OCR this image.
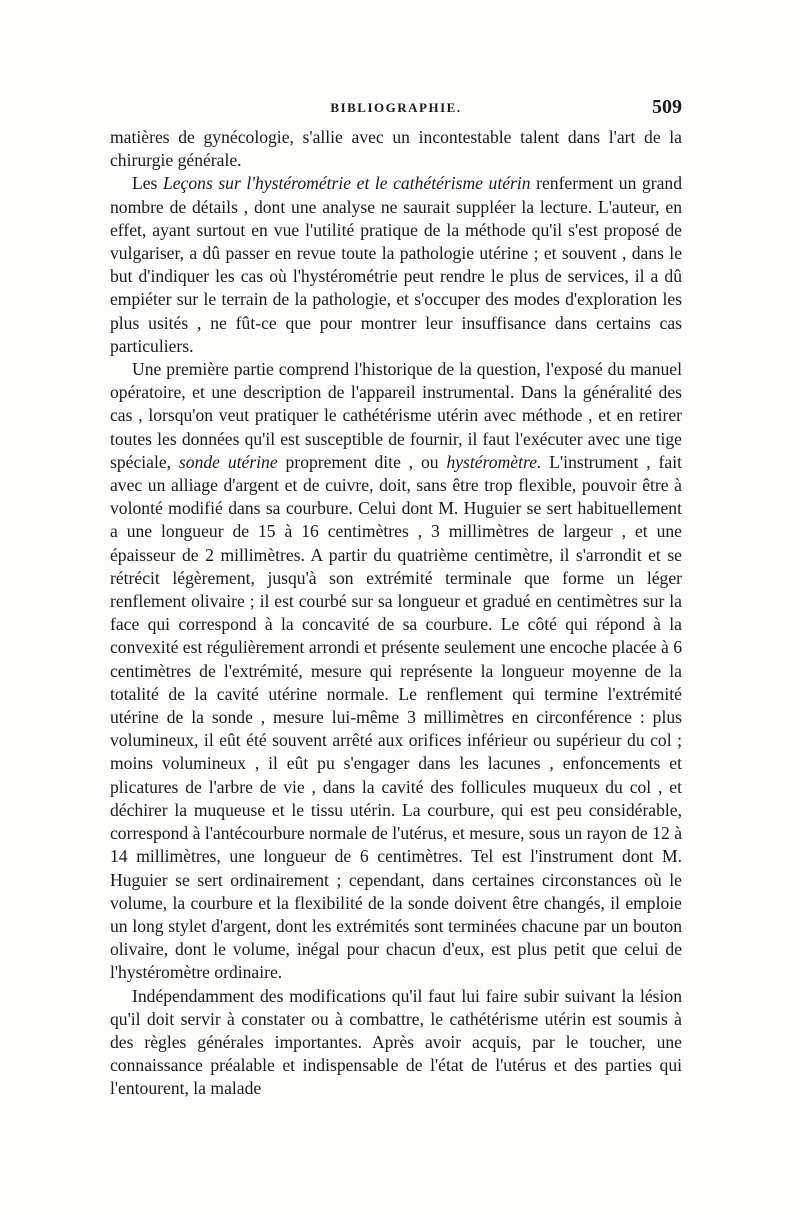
BIBLIOGRAPHIE.	509

matières de gynécologie, s'allie avec un incontestable talent dans l'art de la chirurgie générale.

Les Leçons sur l'hystérométrie et le cathétérisme utérin renferment un grand nombre de détails , dont une analyse ne saurait suppléer la lecture. L'auteur, en effet, ayant surtout en vue l'utilité pratique de la méthode qu'il s'est proposé de vulgariser, a dû passer en revue toute la pathologie utérine ; et souvent , dans le but d'indiquer les cas où l'hystérométrie peut rendre le plus de services, il a dû empiéter sur le terrain de la pathologie, et s'occuper des modes d'exploration les plus usités , ne fût-ce que pour montrer leur insuffisance dans certains cas particuliers.

Une première partie comprend l'historique de la question, l'exposé du manuel opératoire, et une description de l'appareil instrumental. Dans la généralité des cas , lorsqu'on veut pratiquer le cathétérisme utérin avec méthode , et en retirer toutes les données qu'il est susceptible de fournir, il faut l'exécuter avec une tige spéciale, sonde utérine proprement dite , ou hystéromètre. L'instrument , fait avec un alliage d'argent et de cuivre, doit, sans être trop flexible, pouvoir être à volonté modifié dans sa courbure. Celui dont M. Huguier se sert habituellement a une longueur de 15 à 16 centimètres , 3 millimètres de largeur , et une épaisseur de 2 millimètres. A partir du quatrième centimètre, il s'arrondit et se rétrécit légèrement, jusqu'à son extrémité terminale que forme un léger renflement olivaire ; il est courbé sur sa longueur et gradué en centimètres sur la face qui correspond à la concavité de sa courbure. Le côté qui répond à la convexité est régulièrement arrondi et présente seulement une encoche placée à 6 centimètres de l'extrémité, mesure qui représente la longueur moyenne de la totalité de la cavité utérine normale. Le renflement qui termine l'extrémité utérine de la sonde , mesure lui-même 3 millimètres en circonférence : plus volumineux, il eût été souvent arrêté aux orifices inférieur ou supérieur du col ; moins volumineux , il eût pu s'engager dans les lacunes , enfoncements et plicatures de l'arbre de vie , dans la cavité des follicules muqueux du col , et déchirer la muqueuse et le tissu utérin. La courbure, qui est peu considérable, correspond à l'antécourbure normale de l'utérus, et mesure, sous un rayon de 12 à 14 millimètres, une longueur de 6 centimètres. Tel est l'instrument dont M. Huguier se sert ordinairement ; cependant, dans certaines circonstances où le volume, la courbure et la flexibilité de la sonde doivent être changés, il emploie un long stylet d'argent, dont les extrémités sont terminées chacune par un bouton olivaire, dont le volume, inégal pour chacun d'eux, est plus petit que celui de l'hystéromètre ordinaire.

Indépendamment des modifications qu'il faut lui faire subir suivant la lésion qu'il doit servir à constater ou à combattre, le cathétérisme utérin est soumis à des règles générales importantes. Après avoir acquis, par le toucher, une connaissance préalable et indispensable de l'état de l'utérus et des parties qui l'entourent, la malade
